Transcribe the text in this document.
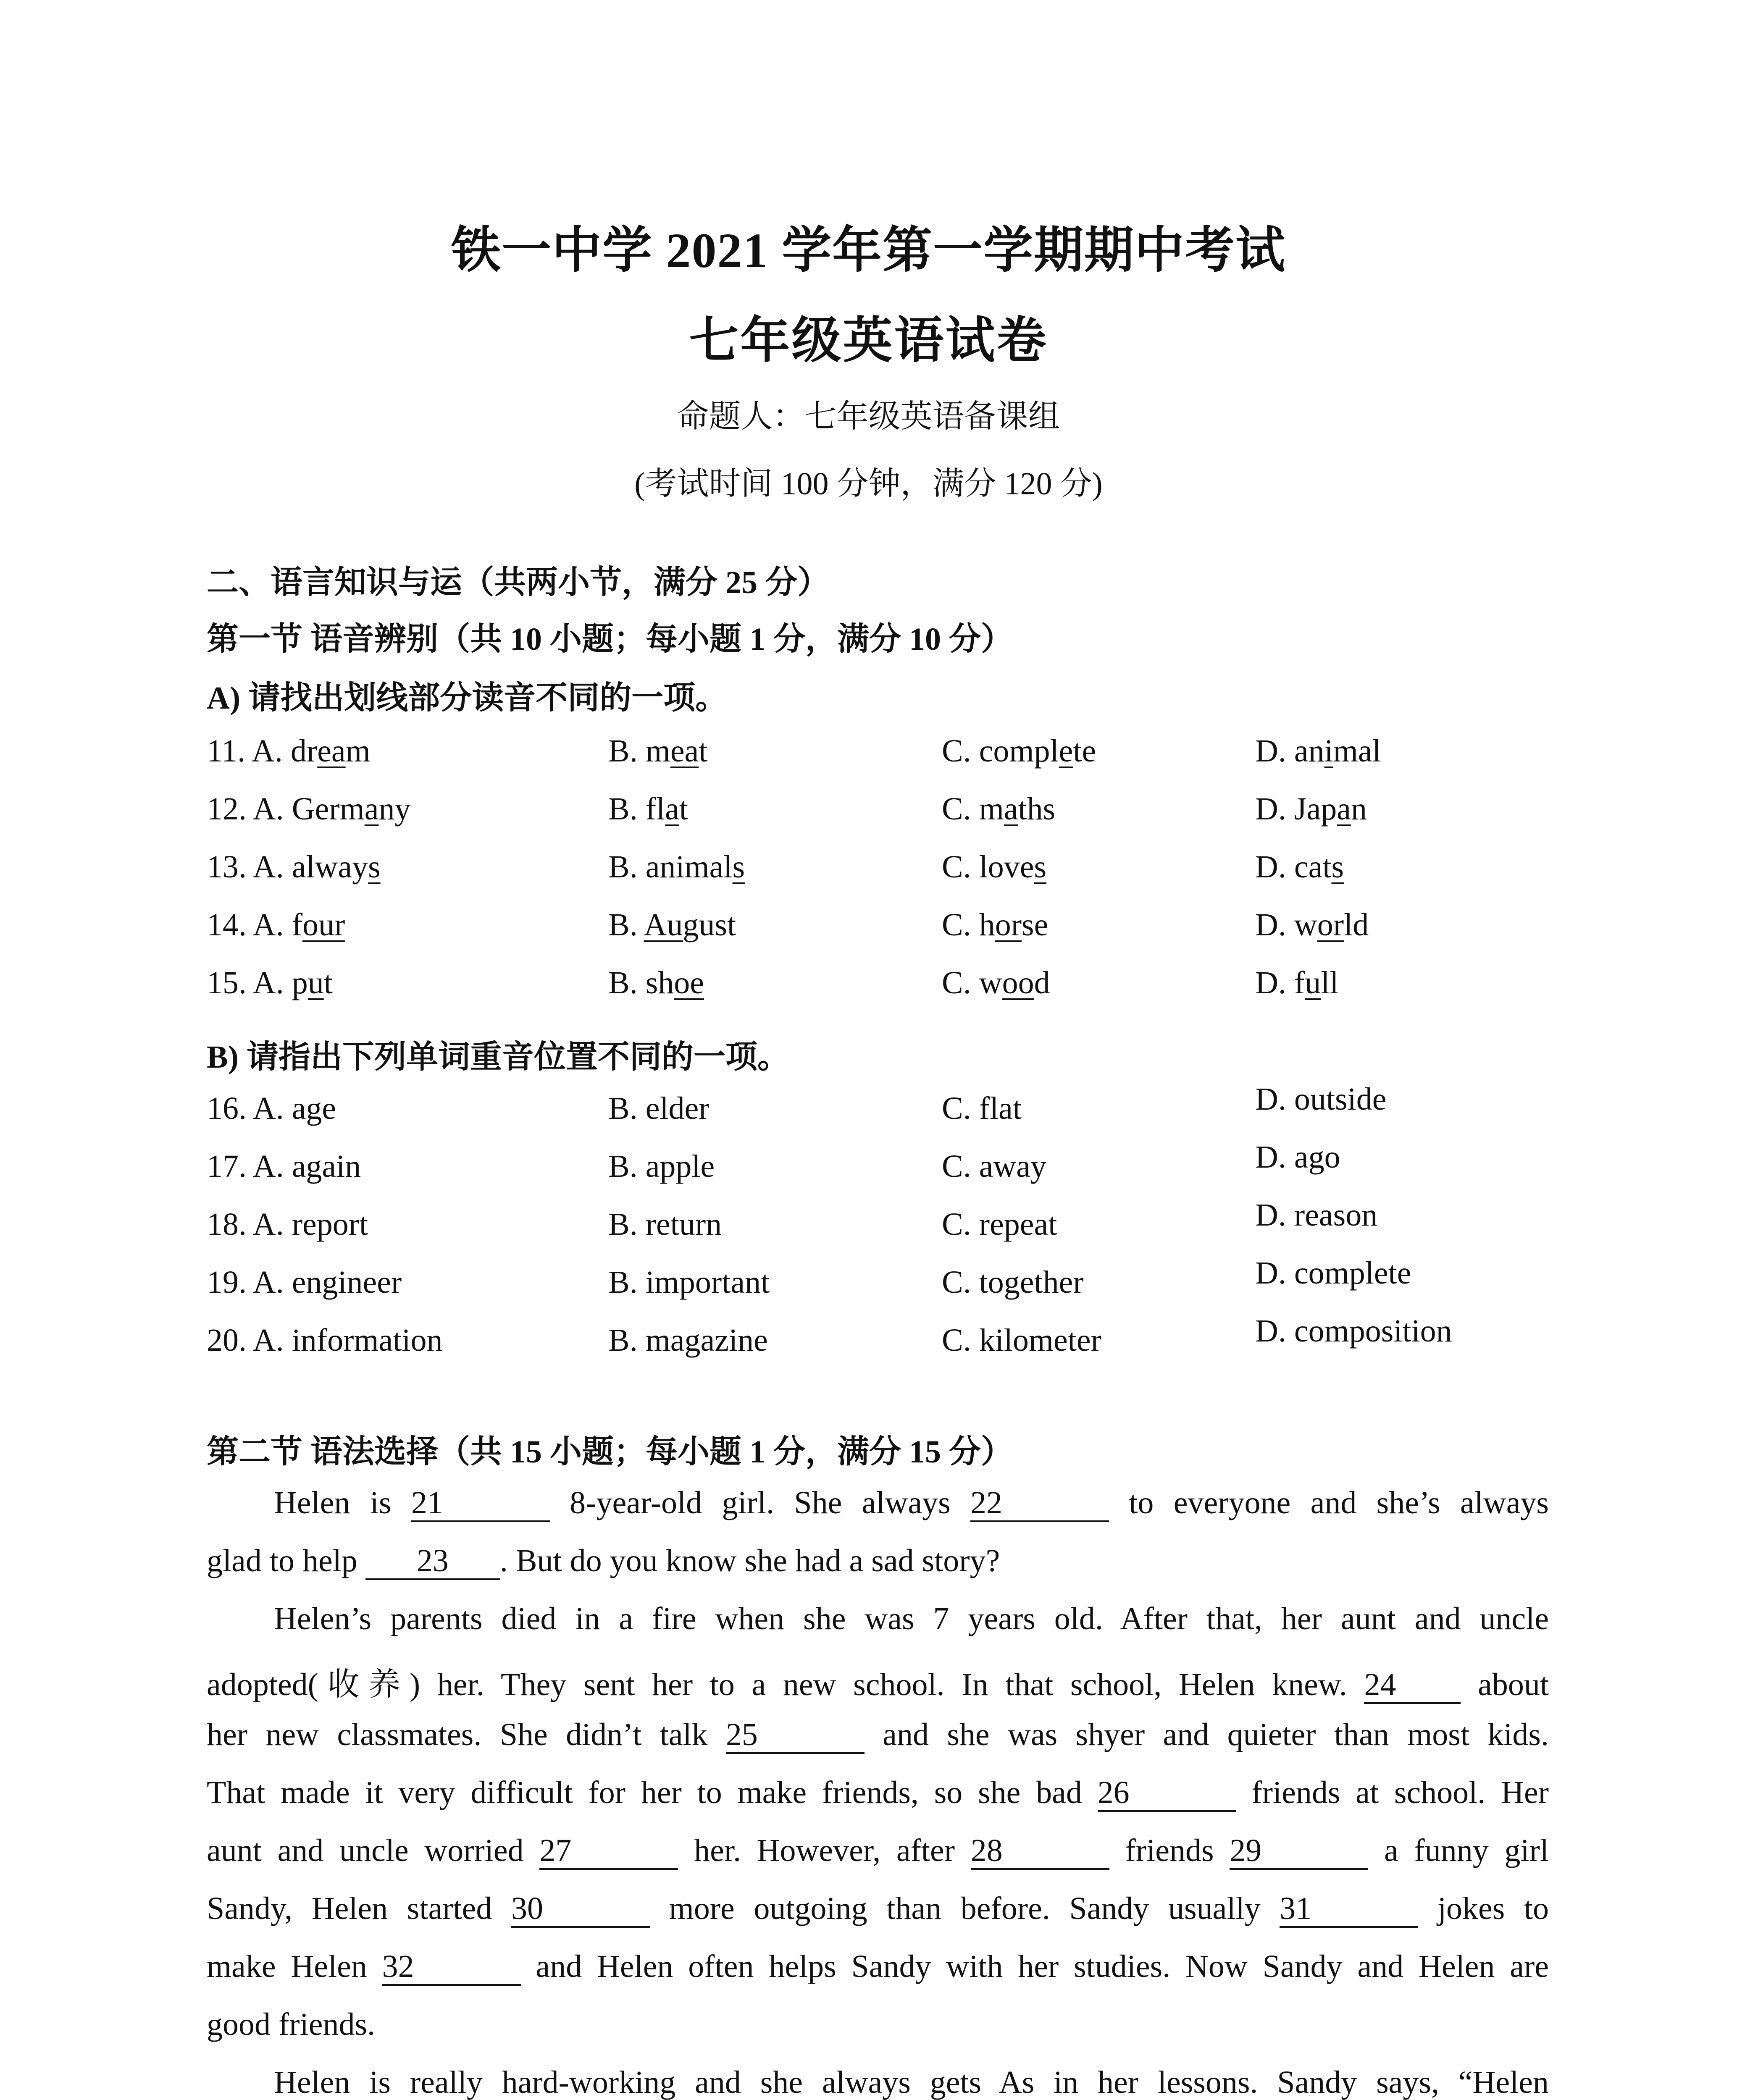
铁一中学 2021 学年第一学期期中考试
七年级英语试卷
命题人：七年级英语备课组
(考试时间 100 分钟，满分 120 分)
二、语言知识与运（共两小节，满分 25 分）
第一节 语音辨别（共 10 小题；每小题 1 分，满分 10 分）
A) 请找出划线部分读音不同的一项。
11. A. dream	B. meat	C. complete	D. animal
12. A. Germany	B. flat	C. maths	D. Japan
13. A. always	B. animals	C. loves	D. cats
14. A. four	B. August	C. horse	D. world
15. A. put	B. shoe	C. wood	D. full
B) 请指出下列单词重音位置不同的一项。
16. A. age	B. elder	C. flat	D. outside
17. A. again	B. apple	C. away	D. ago
18. A. report	B. return	C. repeat	D. reason
19. A. engineer	B. important	C. together	D. complete
20. A. information	B. magazine	C. kilometer	D. composition
第二节 语法选择（共 15 小题；每小题 1 分，满分 15 分）
Helen is 21	8-year-old girl. She always 22	to everyone and she’s always
glad to help 23 . But do you know she had a sad story?
Helen’s parents died in a fire when she was 7 years old. After that, her aunt and uncle
adopted(收养) her. They sent her to a new school. In that school, Helen knew. 24 about
her new classmates. She didn’t talk 25	and she was shyer and quieter than most kids.
That made it very difficult for her to make friends, so she bad 26	friends at school. Her
aunt and uncle worried 27	her. However, after 28	friends 29	a funny girl
Sandy, Helen started 30	more outgoing than before. Sandy usually 31	jokes to
make Helen 32	and Helen often helps Sandy with her studies. Now Sandy and Helen are
good friends.
Helen is really hard-working and she always gets As in her lessons. Sandy says, “Helen
